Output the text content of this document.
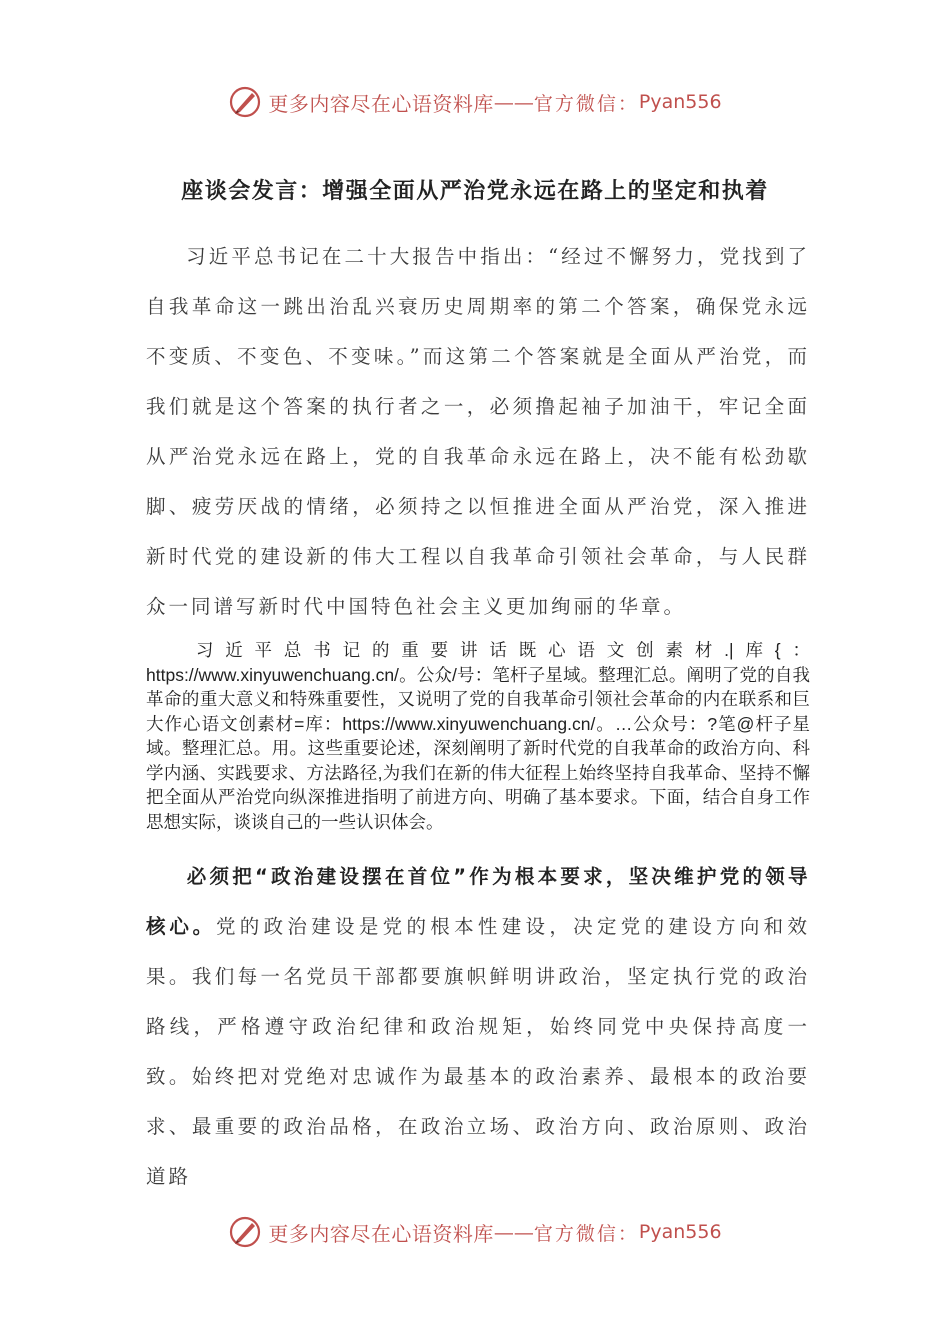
更多内容尽在心语资料库 —— 官方微信： Pyan556
座谈会发言：增强全面从严治党永远在路上的坚定和执着

习近平总书记在二十大报告中指出：“经过不懈努力，党找到了自我革命这一跳出治乱兴衰历史周期率的第二个答案，确保党永远不变质、不变色、不变味。”而这第二个答案就是全面从严治党，而我们就是这个答案的执行者之一，必须撸起袖子加油干，牢记全面从严治党永远在路上，党的自我革命永远在路上，决不能有松劲歇脚、疲劳厌战的情绪，必须持之以恒推进全面从严治党，深入推进新时代党的建设新的伟大工程以自我革命引领社会革命，与人民群众一同谱写新时代中国特色社会主义更加绚丽的华章。

习近平总书记的重要讲话既心语文创素材.|库{：https://www.xinyuwenchuang.cn/。公众/号：笔杆子星域。整理汇总。阐明了党的自我革命的重大意义和特殊重要性，又说明了党的自我革命引领社会革命的内在联系和巨大作心语文创素材=库：https://www.xinyuwenchuang.cn/。…公众号：?笔@杆子星域。整理汇总。用。这些重要论述，深刻阐明了新时代党的自我革命的政治方向、科学内涵、实践要求、方法路径,为我们在新的伟大征程上始终坚持自我革命、坚持不懈把全面从严治党向纵深推进指明了前进方向、明确了基本要求。下面，结合自身工作思想实际，谈谈自己的一些认识体会。

必须把“政治建设摆在首位”作为根本要求，坚决维护党的领导核心。党的政治建设是党的根本性建设，决定党的建设方向和效果。我们每一名党员干部都要旗帜鲜明讲政治，坚定执行党的政治路线，严格遵守政治纪律和政治规矩，始终同党中央保持高度一致。始终把对党绝对忠诚作为最基本的政治素养、最根本的政治要求、最重要的政治品格，在政治立场、政治方向、政治原则、政治道路

更多内容尽在心语资料库 —— 官方微信： Pyan556
